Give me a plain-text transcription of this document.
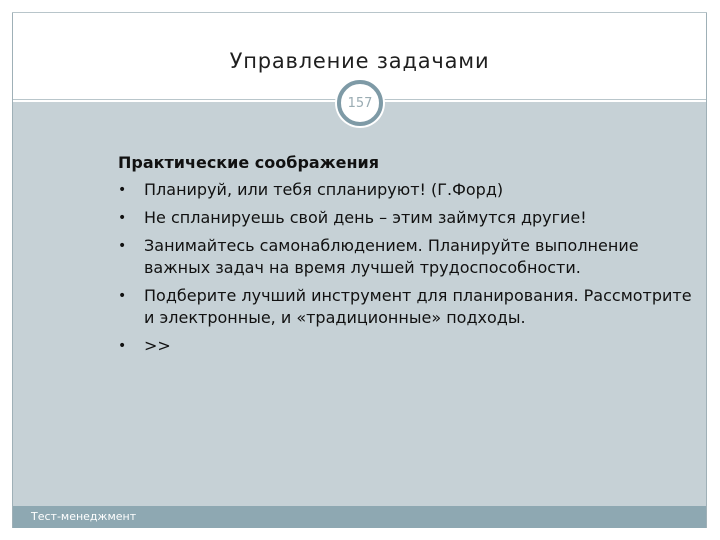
Управление задачами
157
Практические соображения
•	Планируй, или тебя спланируют! (Г.Форд)
•	Не спланируешь свой день – этим займутся другие!
•	Занимайтесь самонаблюдением. Планируйте выполнение важных задач на время лучшей трудоспособности.
•	Подберите лучший инструмент для планирования. Рассмотрите и электронные, и «традиционные» подходы.
•	>>
Тест-менеджмент
